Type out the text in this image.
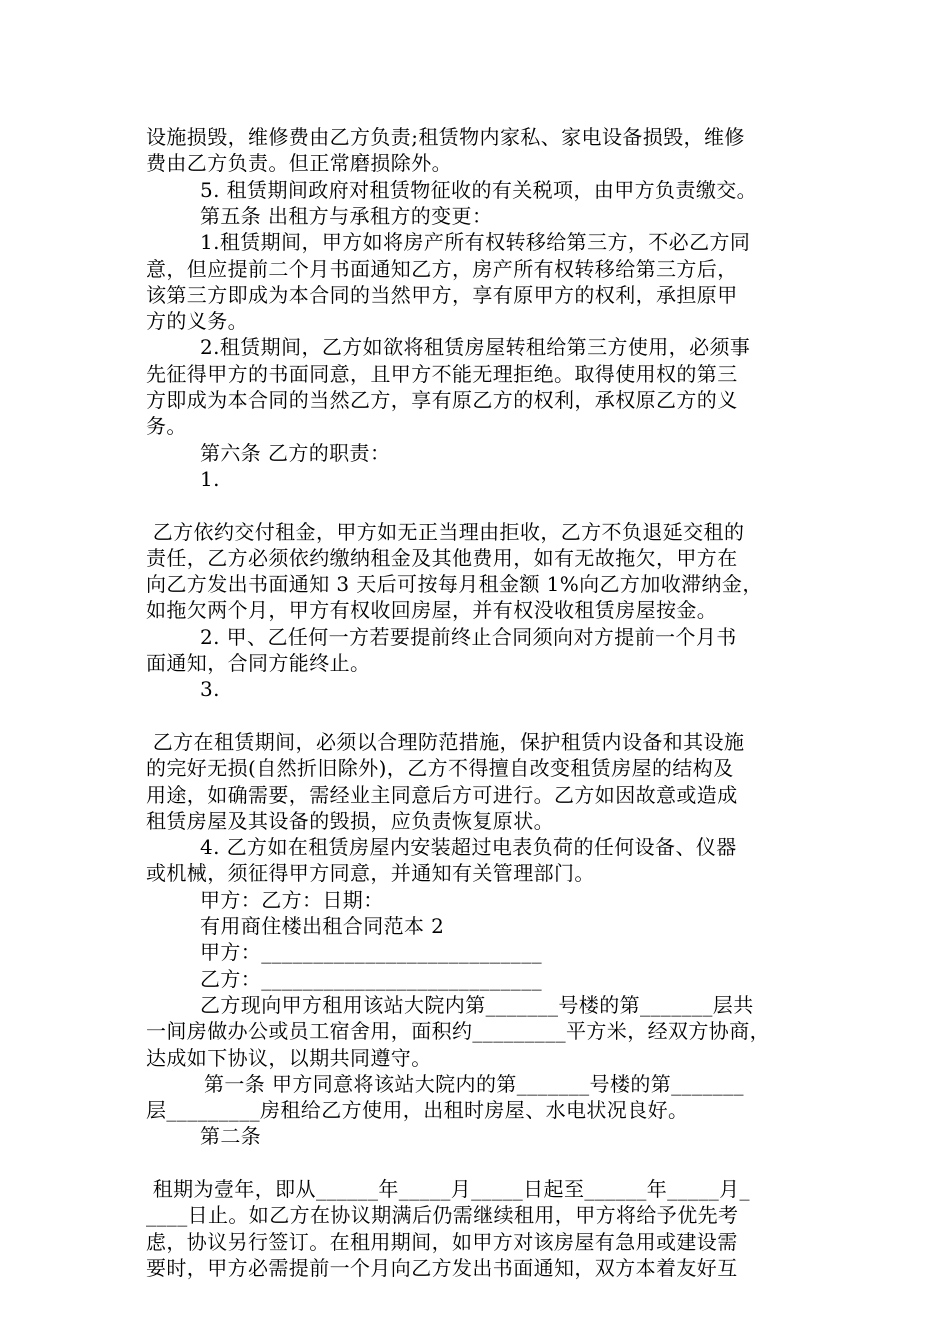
设施损毁，维修费由乙方负责;租赁物内家私、家电设备损毁，维修
费由乙方负责。但正常磨损除外。
5. 租赁期间政府对租赁物征收的有关税项，由甲方负责缴交。
第五条 出租方与承租方的变更：
1.租赁期间，甲方如将房产所有权转移给第三方，不必乙方同
意，但应提前二个月书面通知乙方，房产所有权转移给第三方后，
该第三方即成为本合同的当然甲方，享有原甲方的权利，承担原甲
方的义务。
2.租赁期间，乙方如欲将租赁房屋转租给第三方使用，必须事
先征得甲方的书面同意，且甲方不能无理拒绝。取得使用权的第三
方即成为本合同的当然乙方，享有原乙方的权利，承权原乙方的义
务。
第六条 乙方的职责：
1.
乙方依约交付租金，甲方如无正当理由拒收，乙方不负退延交租的
责任，乙方必须依约缴纳租金及其他费用，如有无故拖欠，甲方在
向乙方发出书面通知 3 天后可按每月租金额 1%向乙方加收滞纳金，
如拖欠两个月，甲方有权收回房屋，并有权没收租赁房屋按金。
2. 甲、乙任何一方若要提前终止合同须向对方提前一个月书
面通知，合同方能终止。
3.
乙方在租赁期间，必须以合理防范措施，保护租赁内设备和其设施
的完好无损(自然折旧除外)，乙方不得擅自改变租赁房屋的结构及
用途，如确需要，需经业主同意后方可进行。乙方如因故意或造成
租赁房屋及其设备的毁损，应负责恢复原状。
4. 乙方如在租赁房屋内安装超过电表负荷的任何设备、仪器
或机械，须征得甲方同意，并通知有关管理部门。
甲方：乙方：日期：
有用商住楼出租合同范本 2
甲方：___________________________
乙方：___________________________
乙方现向甲方租用该站大院内第_______号楼的第_______层共
一间房做办公或员工宿舍用，面积约_________平方米，经双方协商，
达成如下协议，以期共同遵守。
第一条 甲方同意将该站大院内的第_______号楼的第_______
层_________房租给乙方使用，出租时房屋、水电状况良好。
第二条
租期为壹年，即从______年_____月_____日起至______年_____月_
____日止。如乙方在协议期满后仍需继续租用，甲方将给予优先考
虑，协议另行签订。在租用期间，如甲方对该房屋有急用或建设需
要时，甲方必需提前一个月向乙方发出书面通知，双方本着友好互
